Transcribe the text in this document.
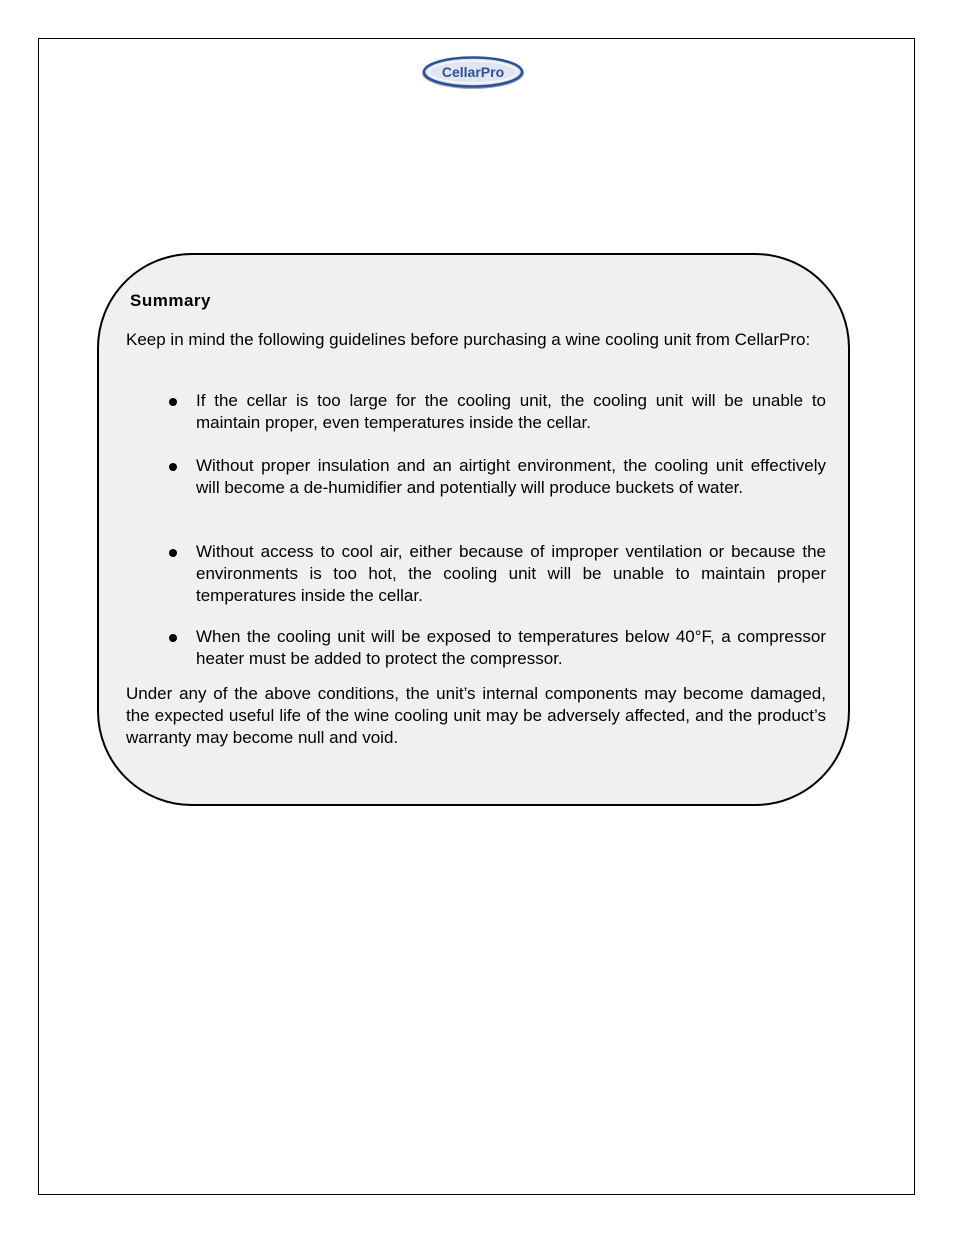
CellarPro
Summary
Keep in mind the following guidelines before purchasing a wine cooling unit from CellarPro:
If the cellar is too large for the cooling unit, the cooling unit will be unable to maintain proper, even temperatures inside the cellar.
Without proper insulation and an airtight environment, the cooling unit effectively will become a de-humidifier and potentially will produce buckets of water.
Without access to cool air, either because of improper ventilation or because the environments is too hot, the cooling unit will be unable to maintain proper temperatures inside the cellar.
When the cooling unit will be exposed to temperatures below 40°F, a compressor heater must be added to protect the compressor.
Under any of the above conditions, the unit’s internal components may become damaged, the expected useful life of the wine cooling unit may be adversely affected, and the product’s warranty may become null and void.
